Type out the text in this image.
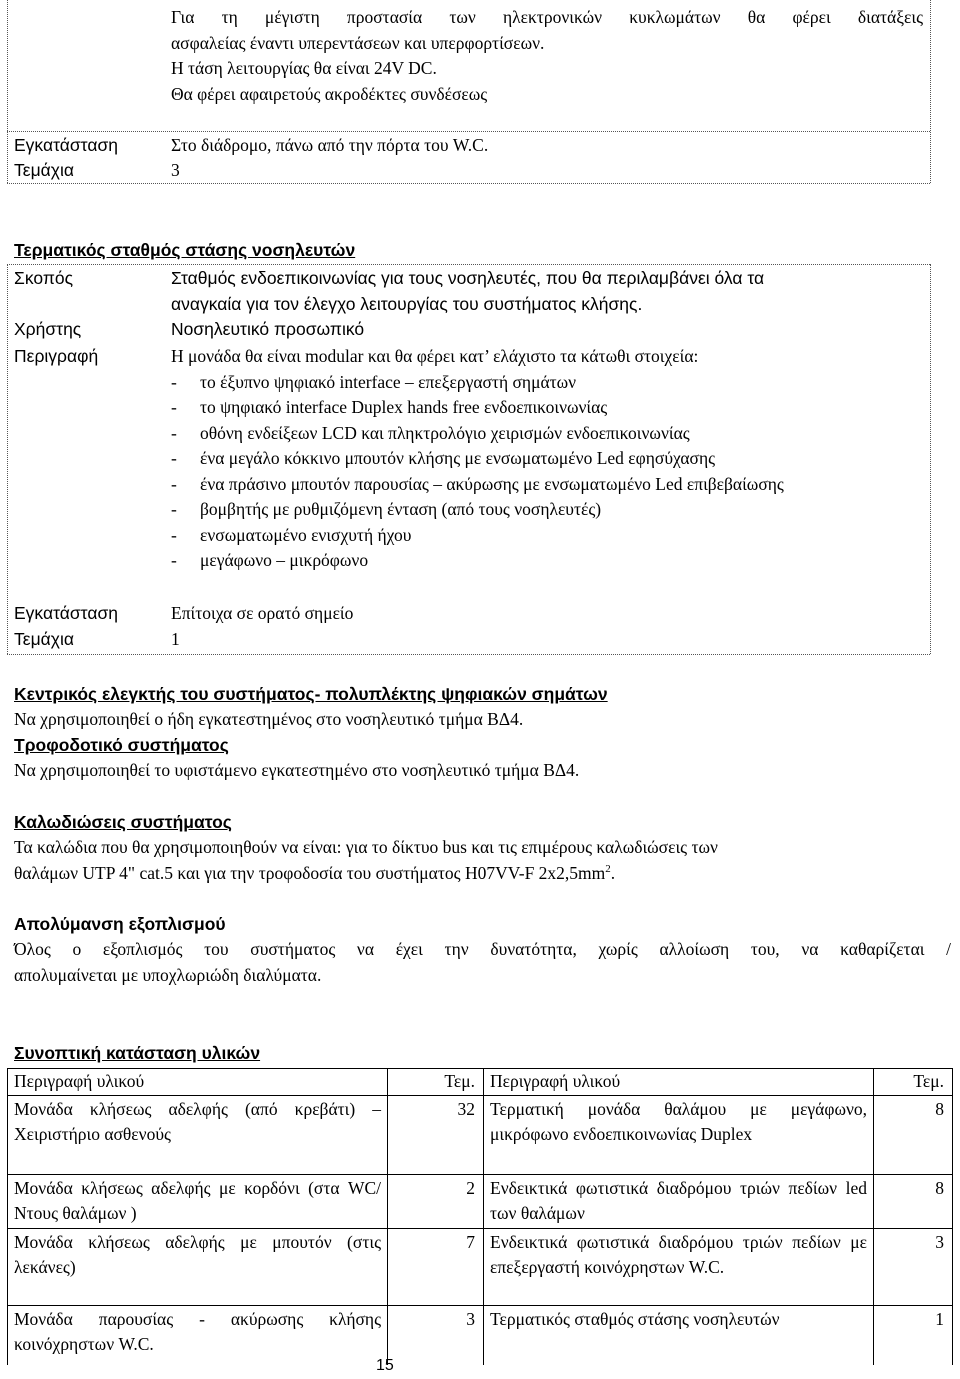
Για τη μέγιστη προστασία των ηλεκτρονικών κυκλωμάτων θα φέρει διατάξεις
ασφαλείας έναντι υπερεντάσεων και υπερφορτίσεων.
Η τάση λειτουργίας θα είναι 24V DC.
Θα φέρει αφαιρετούς ακροδέκτες συνδέσεως
Εγκατάσταση	Στο διάδρομο, πάνω από την πόρτα του W.C.
Τεμάχια	3
Τερματικός σταθμός στάσης νοσηλευτών
Σκοπός	Σταθμός ενδοεπικοινωνίας για τους νοσηλευτές, που θα περιλαμβάνει όλα τα
αναγκαία για τον έλεγχο λειτουργίας του συστήματος κλήσης.
Χρήστης	Νοσηλευτικό προσωπικό
Περιγραφή	Η μονάδα θα είναι modular και θα φέρει κατ’ ελάχιστο τα κάτωθι στοιχεία:
- το έξυπνο ψηφιακό interface – επεξεργαστή σημάτων
- το ψηφιακό interface Duplex hands free ενδοεπικοινωνίας
- οθόνη ενδείξεων LCD και πληκτρολόγιο χειρισμών ενδοεπικοινωνίας
- ένα μεγάλο κόκκινο μπουτόν κλήσης με ενσωματωμένο Led εφησύχασης
- ένα πράσινο μπουτόν παρουσίας – ακύρωσης με ενσωματωμένο Led επιβεβαίωσης
- βομβητής με ρυθμιζόμενη ένταση (από τους νοσηλευτές)
- ενσωματωμένο ενισχυτή ήχου
- μεγάφωνο – μικρόφωνο
Εγκατάσταση	Επίτοιχα σε ορατό σημείο
Τεμάχια	1
Κεντρικός ελεγκτής του συστήματος- πολυπλέκτης ψηφιακών σημάτων
Να χρησιμοποιηθεί ο ήδη εγκατεστημένος στο νοσηλευτικό τμήμα ΒΔ4.
Τροφοδοτικό συστήματος
Να χρησιμοποιηθεί το υφιστάμενο εγκατεστημένο στο νοσηλευτικό τμήμα ΒΔ4.
Καλωδιώσεις συστήματος
Τα καλώδια που θα χρησιμοποιηθούν να είναι: για το δίκτυο bus και τις επιμέρους καλωδιώσεις των
θαλάμων UTP 4" cat.5 και για την τροφοδοσία του συστήματος H07VV-F $2x2,5mm^2$.
Απολύμανση εξοπλισμού
Όλος ο εξοπλισμός του συστήματος να έχει την δυνατότητα, χωρίς αλλοίωση του, να καθαρίζεται /
απολυμαίνεται με υποχλωριώδη διαλύματα.
Συνοπτική κατάσταση υλικών
Περιγραφή υλικού	Τεμ.	Περιγραφή υλικού	Τεμ.
Μονάδα κλήσεως αδελφής (από κρεβάτι) – Χειριστήριο ασθενούς	32	Τερματική μονάδα θαλάμου με μεγάφωνο, μικρόφωνο ενδοεπικοινωνίας Duplex	8
Μονάδα κλήσεως αδελφής με κορδόνι (στα WC/Ντους θαλάμων )	2	Ενδεικτικά φωτιστικά διαδρόμου τριών πεδίων led των θαλάμων	8
Μονάδα κλήσεως αδελφής με μπουτόν (στις λεκάνες)	7	Ενδεικτικά φωτιστικά διαδρόμου τριών πεδίων με επεξεργαστή κοινόχρηστων W.C.	3
Μονάδα παρουσίας - ακύρωσης κλήσης κοινόχρηστων W.C.	3	Τερματικός σταθμός στάσης νοσηλευτών	1
15
